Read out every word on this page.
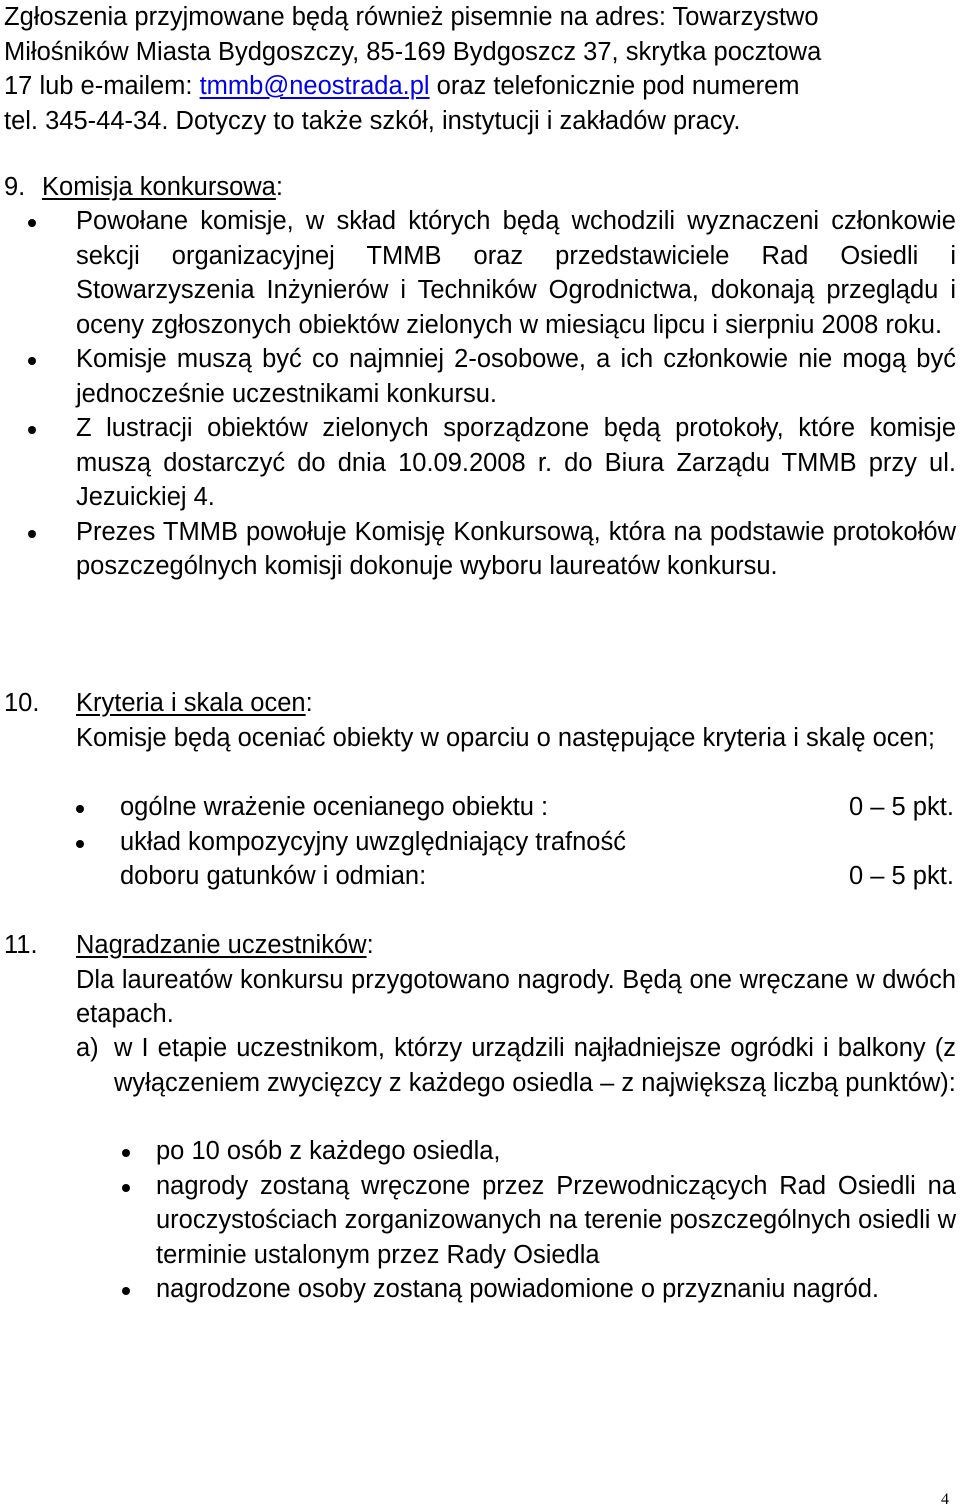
Zgłoszenia przyjmowane będą również pisemnie na adres: Towarzystwo
Miłośników Miasta Bydgoszczy, 85-169 Bydgoszcz 37, skrytka pocztowa
17 lub e-mailem: tmmb@neostrada.pl oraz telefonicznie pod numerem
tel. 345-44-34. Dotyczy to także szkół, instytucji i zakładów pracy.
9. Komisja konkursowa:
Powołane komisje, w skład których będą wchodzili wyznaczeni członkowie sekcji organizacyjnej TMMB oraz przedstawiciele Rad Osiedli i Stowarzyszenia Inżynierów i Techników Ogrodnictwa, dokonają przeglądu i oceny zgłoszonych obiektów zielonych w miesiącu lipcu i sierpniu 2008 roku.
Komisje muszą być co najmniej 2-osobowe, a ich członkowie nie mogą być jednocześnie uczestnikami konkursu.
Z lustracji obiektów zielonych sporządzone będą protokoły, które komisje muszą dostarczyć do dnia 10.09.2008 r. do Biura Zarządu TMMB przy ul. Jezuickiej 4.
Prezes TMMB powołuje Komisję Konkursową, która na podstawie protokołów poszczególnych komisji dokonuje wyboru laureatów konkursu.
10. Kryteria i skala ocen:
Komisje będą oceniać obiekty w oparciu o następujące kryteria i skalę ocen;
ogólne wrażenie ocenianego obiektu :	0 – 5 pkt.
układ kompozycyjny uwzględniający trafność
doboru gatunków i odmian:	0 – 5 pkt.
11. Nagradzanie uczestników:
Dla laureatów konkursu przygotowano nagrody. Będą one wręczane w dwóch etapach.
a) w I etapie uczestnikom, którzy urządzili najładniejsze ogródki i balkony (z wyłączeniem zwycięzcy z każdego osiedla – z największą liczbą punktów):
po 10 osób z każdego osiedla,
nagrody zostaną wręczone przez Przewodniczących Rad Osiedli na uroczystościach zorganizowanych na terenie poszczególnych osiedli w terminie ustalonym przez Rady Osiedla
nagrodzone osoby zostaną powiadomione o przyznaniu nagród.
4
